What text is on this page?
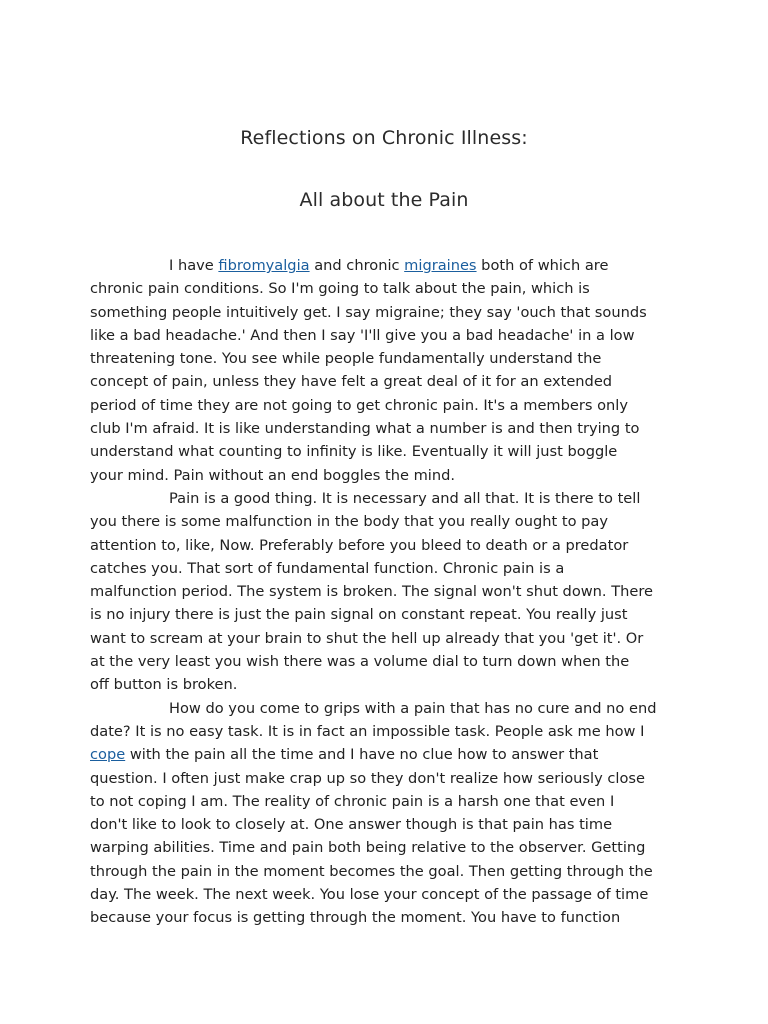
Reflections on Chronic Illness:
All about the Pain
I have fibromyalgia and chronic migraines both of which are
chronic pain conditions. So I'm going to talk about the pain, which is
something people intuitively get. I say migraine; they say 'ouch that sounds
like a bad headache.' And then I say 'I'll give you a bad headache' in a low
threatening tone. You see while people fundamentally understand the
concept of pain, unless they have felt a great deal of it for an extended
period of time they are not going to get chronic pain. It's a members only
club I'm afraid. It is like understanding what a number is and then trying to
understand what counting to infinity is like. Eventually it will just boggle
your mind. Pain without an end boggles the mind.
Pain is a good thing. It is necessary and all that. It is there to tell
you there is some malfunction in the body that you really ought to pay
attention to, like, Now. Preferably before you bleed to death or a predator
catches you. That sort of fundamental function. Chronic pain is a
malfunction period. The system is broken. The signal won't shut down. There
is no injury there is just the pain signal on constant repeat. You really just
want to scream at your brain to shut the hell up already that you 'get it'. Or
at the very least you wish there was a volume dial to turn down when the
off button is broken.
How do you come to grips with a pain that has no cure and no end
date? It is no easy task. It is in fact an impossible task. People ask me how I
cope with the pain all the time and I have no clue how to answer that
question. I often just make crap up so they don't realize how seriously close
to not coping I am. The reality of chronic pain is a harsh one that even I
don't like to look to closely at. One answer though is that pain has time
warping abilities. Time and pain both being relative to the observer. Getting
through the pain in the moment becomes the goal. Then getting through the
day. The week. The next week. You lose your concept of the passage of time
because your focus is getting through the moment. You have to function
